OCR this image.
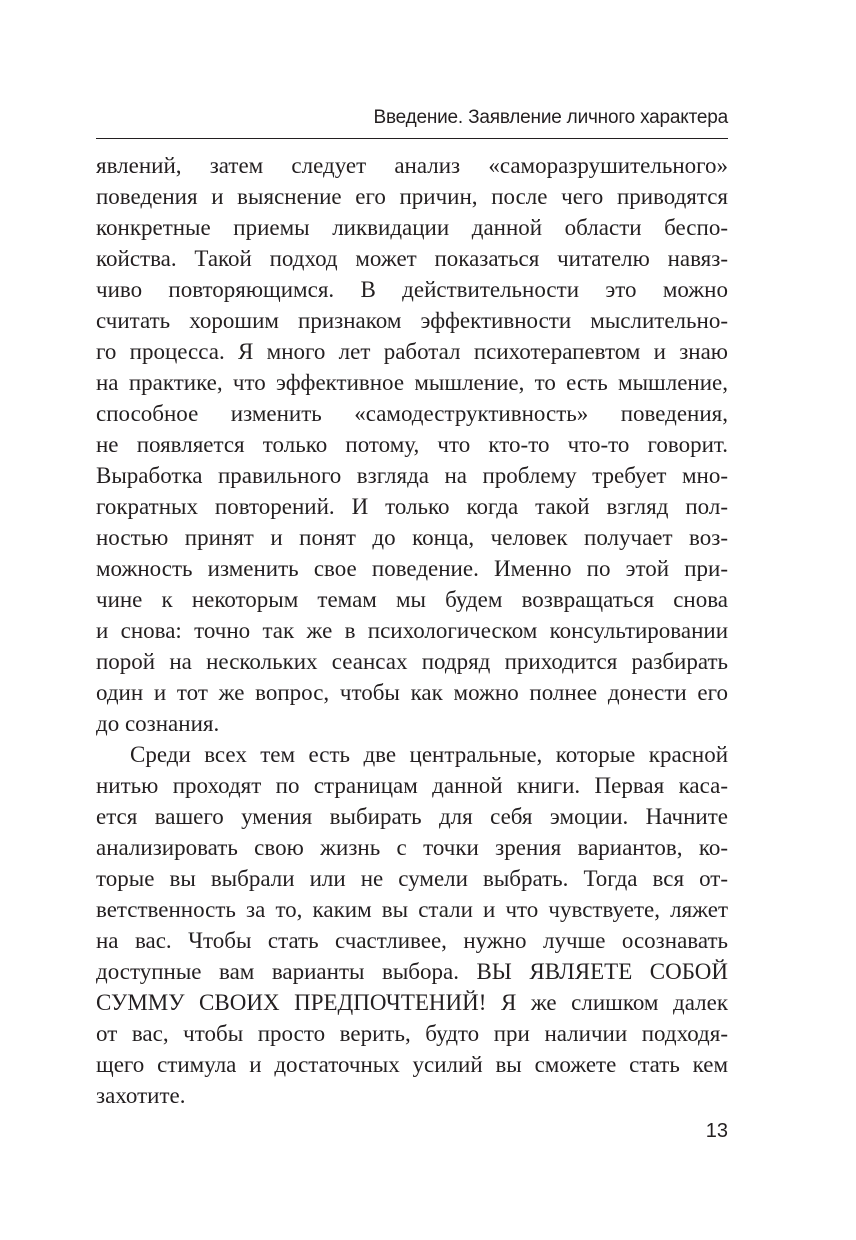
Введение. Заявление личного характера
явлений, затем следует анализ «саморазрушительного»
поведения и выяснение его причин, после чего приводятся
конкретные приемы ликвидации данной области беспо-
койства. Такой подход может показаться читателю навяз-
чиво повторяющимся. В действительности это можно
считать хорошим признаком эффективности мыслительно-
го процесса. Я много лет работал психотерапевтом и знаю
на практике, что эффективное мышление, то есть мышление,
способное изменить «самодеструктивность» поведения,
не появляется только потому, что кто-то что-то говорит.
Выработка правильного взгляда на проблему требует мно-
гократных повторений. И только когда такой взгляд пол-
ностью принят и понят до конца, человек получает воз-
можность изменить свое поведение. Именно по этой при-
чине к некоторым темам мы будем возвращаться снова
и снова: точно так же в психологическом консультировании
порой на нескольких сеансах подряд приходится разбирать
один и тот же вопрос, чтобы как можно полнее донести его
до сознания.
Среди всех тем есть две центральные, которые красной
нитью проходят по страницам данной книги. Первая каса-
ется вашего умения выбирать для себя эмоции. Начните
анализировать свою жизнь с точки зрения вариантов, ко-
торые вы выбрали или не сумели выбрать. Тогда вся от-
ветственность за то, каким вы стали и что чувствуете, ляжет
на вас. Чтобы стать счастливее, нужно лучше осознавать
доступные вам варианты выбора. ВЫ ЯВЛЯЕТЕ СОБОЙ
СУММУ СВОИХ ПРЕДПОЧТЕНИЙ! Я же слишком далек
от вас, чтобы просто верить, будто при наличии подходя-
щего стимула и достаточных усилий вы сможете стать кем
захотите.
13
